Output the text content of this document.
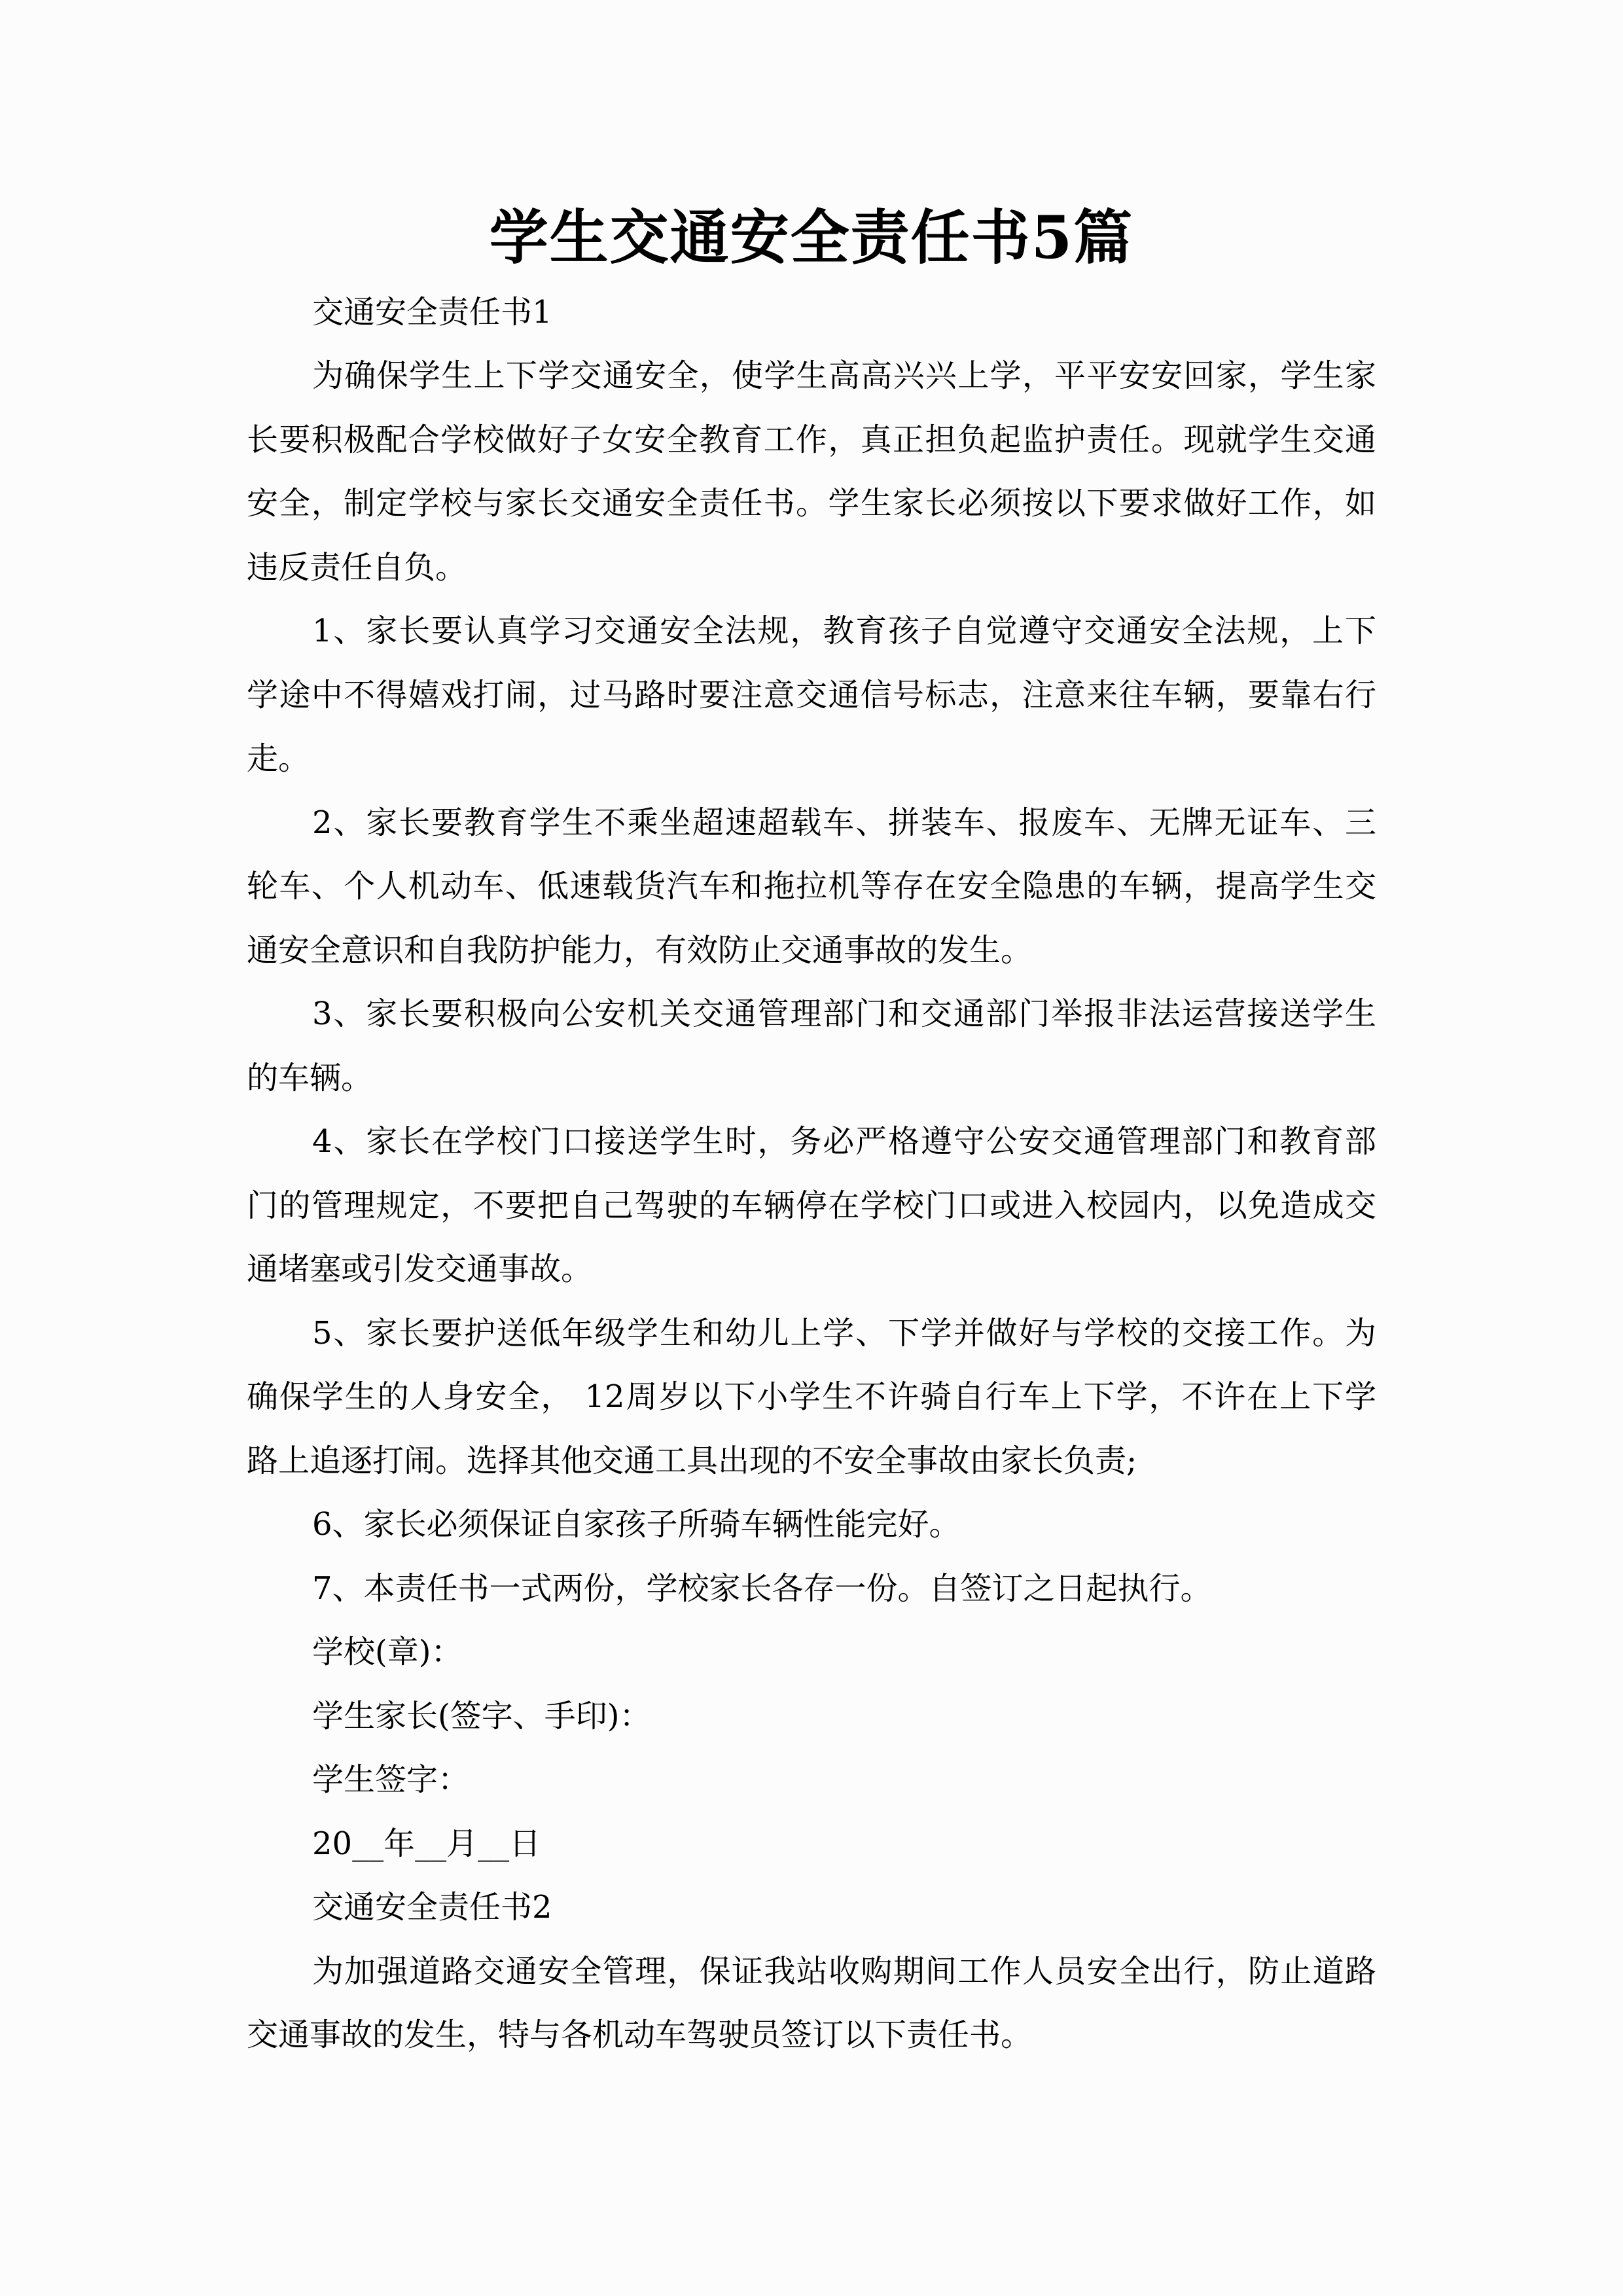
学生交通安全责任书5篇
交通安全责任书1
为确保学生上下学交通安全，使学生高高兴兴上学，平平安安回家，学生家
长要积极配合学校做好子女安全教育工作，真正担负起监护责任。现就学生交通
安全，制定学校与家长交通安全责任书。学生家长必须按以下要求做好工作，如
违反责任自负。
1、家长要认真学习交通安全法规，教育孩子自觉遵守交通安全法规，上下
学途中不得嬉戏打闹，过马路时要注意交通信号标志，注意来往车辆，要靠右行
走。
2、家长要教育学生不乘坐超速超载车、拼装车、报废车、无牌无证车、三
轮车、个人机动车、低速载货汽车和拖拉机等存在安全隐患的车辆，提高学生交
通安全意识和自我防护能力，有效防止交通事故的发生。
3、家长要积极向公安机关交通管理部门和交通部门举报非法运营接送学生
的车辆。
4、家长在学校门口接送学生时，务必严格遵守公安交通管理部门和教育部
门的管理规定，不要把自己驾驶的车辆停在学校门口或进入校园内，以免造成交
通堵塞或引发交通事故。
5、家长要护送低年级学生和幼儿上学、下学并做好与学校的交接工作。为
确保学生的人身安全， 12周岁以下小学生不许骑自行车上下学，不许在上下学
路上追逐打闹。选择其他交通工具出现的不安全事故由家长负责;
6、家长必须保证自家孩子所骑车辆性能完好。
7、本责任书一式两份，学校家长各存一份。自签订之日起执行。
学校(章)：
学生家长(签字、手印)：
学生签字：
20__年__月__日
交通安全责任书2
为加强道路交通安全管理，保证我站收购期间工作人员安全出行，防止道路
交通事故的发生，特与各机动车驾驶员签订以下责任书。
